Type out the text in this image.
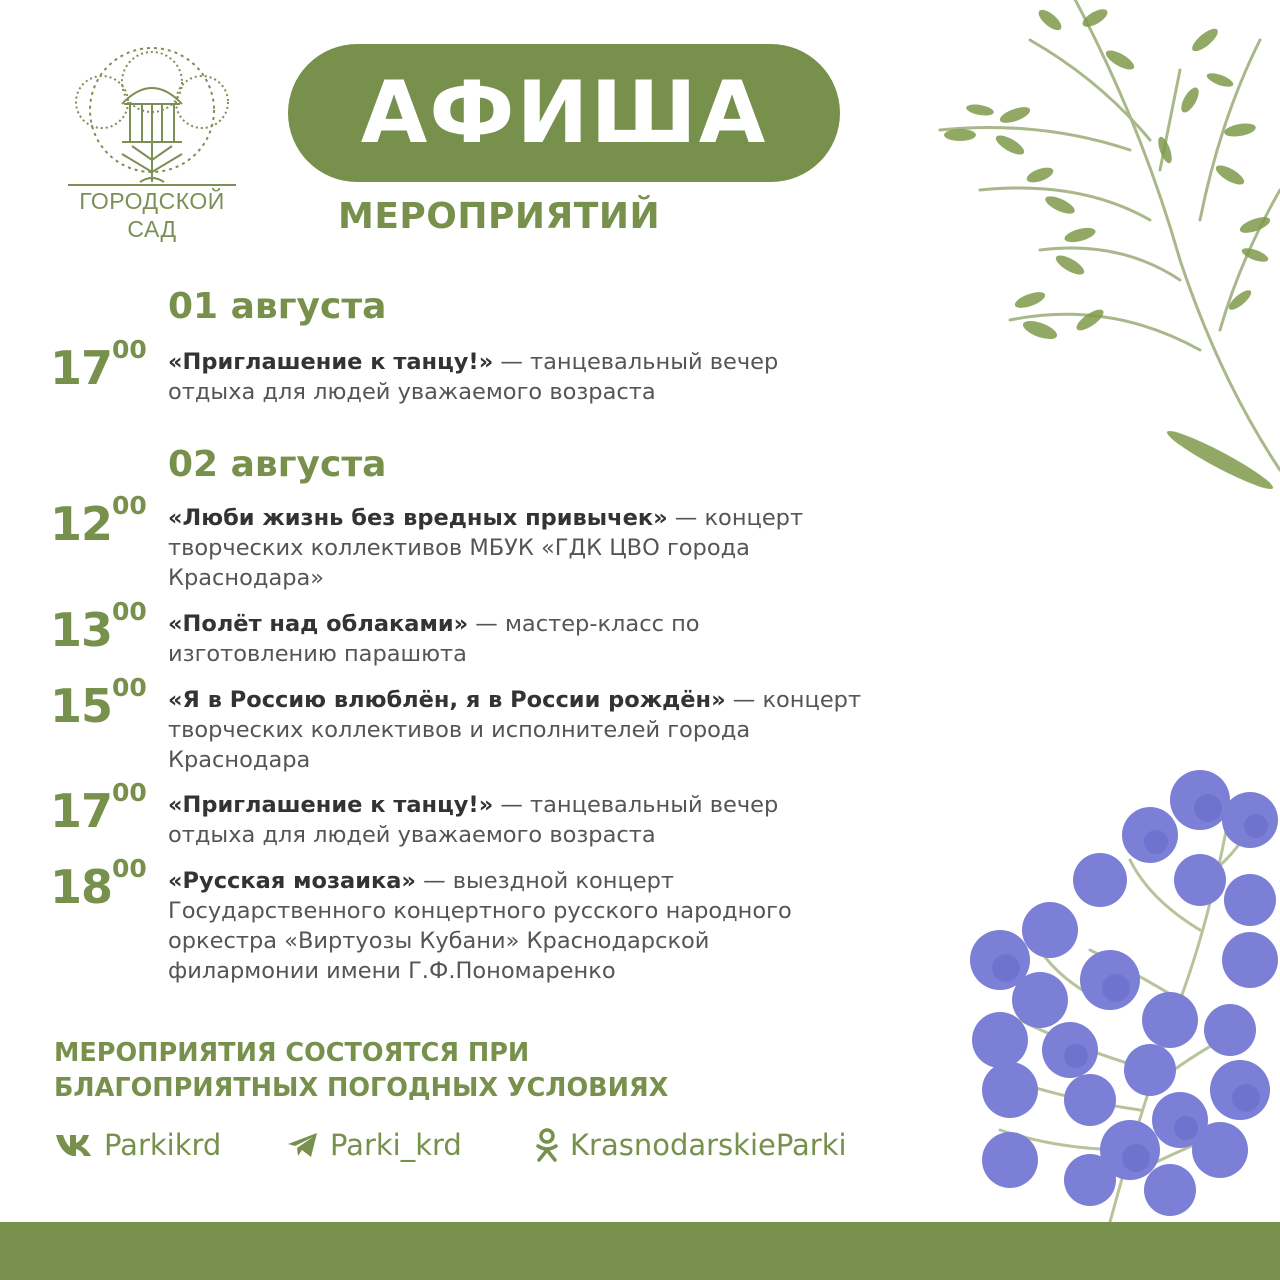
ГОРОДСКОЙ
САД
АФИША
МЕРОПРИЯТИЙ
01 августа
$17^{00}$ «Приглашение к танцу!» — танцевальный вечер
отдыха для людей уважаемого возраста
02 августа
$12^{00}$ «Люби жизнь без вредных привычек» — концерт
творческих коллективов МБУК «ГДК ЦВО города
Краснодара»
$13^{00}$ «Полёт над облаками» — мастер-класс по
изготовлению парашюта
$15^{00}$ «Я в Россию влюблён, я в России рождён» — концерт
творческих коллективов и исполнителей города
Краснодара
$17^{00}$ «Приглашение к танцу!» — танцевальный вечер
отдыха для людей уважаемого возраста
$18^{00}$ «Русская мозаика» — выездной концерт
Государственного концертного русского народного
оркестра «Виртуозы Кубани» Краснодарской
филармонии имени Г.Ф.Пономаренко
МЕРОПРИЯТИЯ СОСТОЯТСЯ ПРИ
БЛАГОПРИЯТНЫХ ПОГОДНЫХ УСЛОВИЯХ
Parkikrd	Parki_krd	KrasnodarskieParki
